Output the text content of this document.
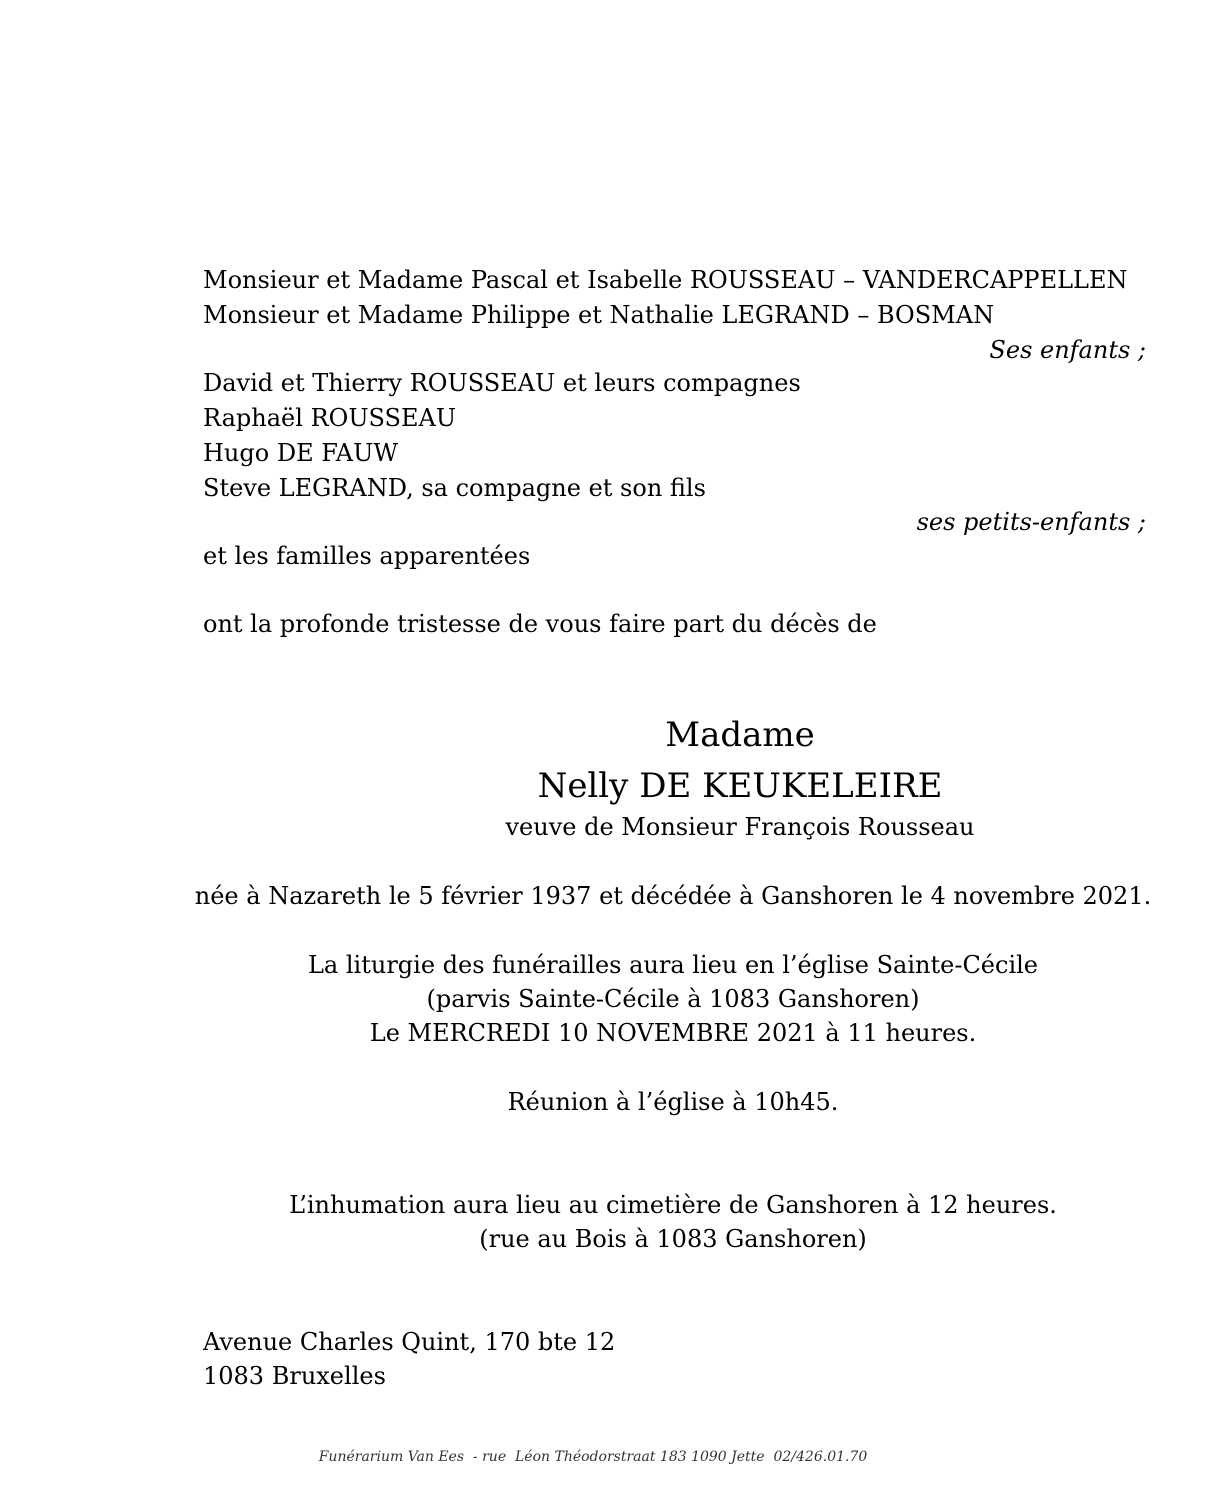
Monsieur et Madame Pascal et Isabelle ROUSSEAU – VANDERCAPPELLEN
Monsieur et Madame Philippe et Nathalie LEGRAND – BOSMAN
Ses enfants ;
David et Thierry ROUSSEAU et leurs compagnes
Raphaël ROUSSEAU
Hugo DE FAUW
Steve LEGRAND, sa compagne et son fils
ses petits-enfants ;
et les familles apparentées
ont la profonde tristesse de vous faire part du décès de
Madame
Nelly DE KEUKELEIRE
veuve de Monsieur François Rousseau
née à Nazareth le 5 février 1937 et décédée à Ganshoren le 4 novembre 2021.
La liturgie des funérailles aura lieu en l’église Sainte-Cécile
(parvis Sainte-Cécile à 1083 Ganshoren)
Le MERCREDI 10 NOVEMBRE 2021 à 11 heures.
Réunion à l’église à 10h45.
L’inhumation aura lieu au cimetière de Ganshoren à 12 heures.
(rue au Bois à 1083 Ganshoren)
Avenue Charles Quint, 170 bte 12
1083 Bruxelles
Funérarium Van Ees  - rue  Léon Théodorstraat 183 1090 Jette  02/426.01.70
